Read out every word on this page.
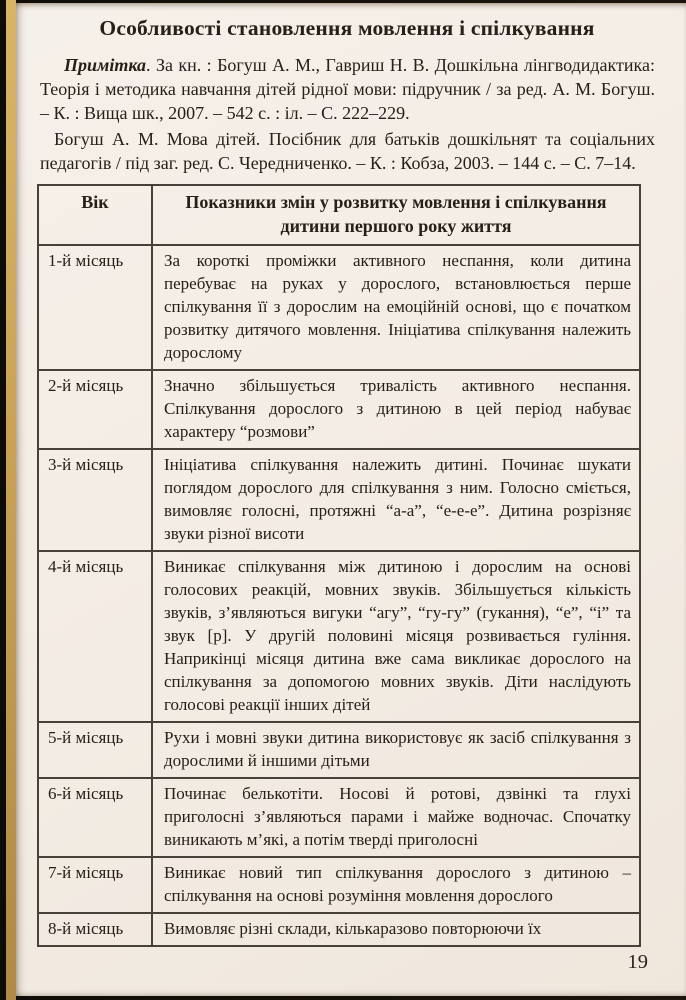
Особливості становлення мовлення і спілкування

Примітка. За кн. : Богуш А. М., Гавриш Н. В. Дошкільна лінгводидактика: Теорія і методика навчання дітей рідної мови: підручник / за ред. А. М. Богуш. – К. : Вища шк., 2007. – 542 с. : іл. – С. 222–229.

Богуш А. М. Мова дітей. Посібник для батьків дошкільнят та соціальних педагогів / під заг. ред. С. Чередниченко. – К. : Кобза, 2003. – 144 с. – С. 7–14.

Вік	Показники змін у розвитку мовлення і спілкування дитини першого року життя
1-й місяць	За короткі проміжки активного неспання, коли дитина перебуває на руках у дорослого, встановлюється перше спілкування її з дорослим на емоційній основі, що є початком розвитку дитячого мовлення. Ініціатива спілкування належить дорослому
2-й місяць	Значно збільшується тривалість активного неспання. Спілкування дорослого з дитиною в цей період набуває характеру “розмови”
3-й місяць	Ініціатива спілкування належить дитині. Починає шукати поглядом дорослого для спілкування з ним. Голосно сміється, вимовляє голосні, протяжні “а-а”, “е-е-е”. Дитина розрізняє звуки різної висоти
4-й місяць	Виникає спілкування між дитиною і дорослим на основі голосових реакцій, мовних звуків. Збільшується кількість звуків, з’являються вигуки “агу”, “гу-гу” (гукання), “е”, “і” та звук [р]. У другій половині місяця розвивається гуління. Наприкінці місяця дитина вже сама викликає дорослого на спілкування за допомогою мовних звуків. Діти наслідують голосові реакції інших дітей
5-й місяць	Рухи і мовні звуки дитина використовує як засіб спілкування з дорослими й іншими дітьми
6-й місяць	Починає белькотіти. Носові й ротові, дзвінкі та глухі приголосні з’являються парами і майже водночас. Спочатку виникають м’які, а потім тверді приголосні
7-й місяць	Виникає новий тип спілкування дорослого з дитиною – спілкування на основі розуміння мовлення дорослого
8-й місяць	Вимовляє різні склади, кількаразово повторюючи їх
19
